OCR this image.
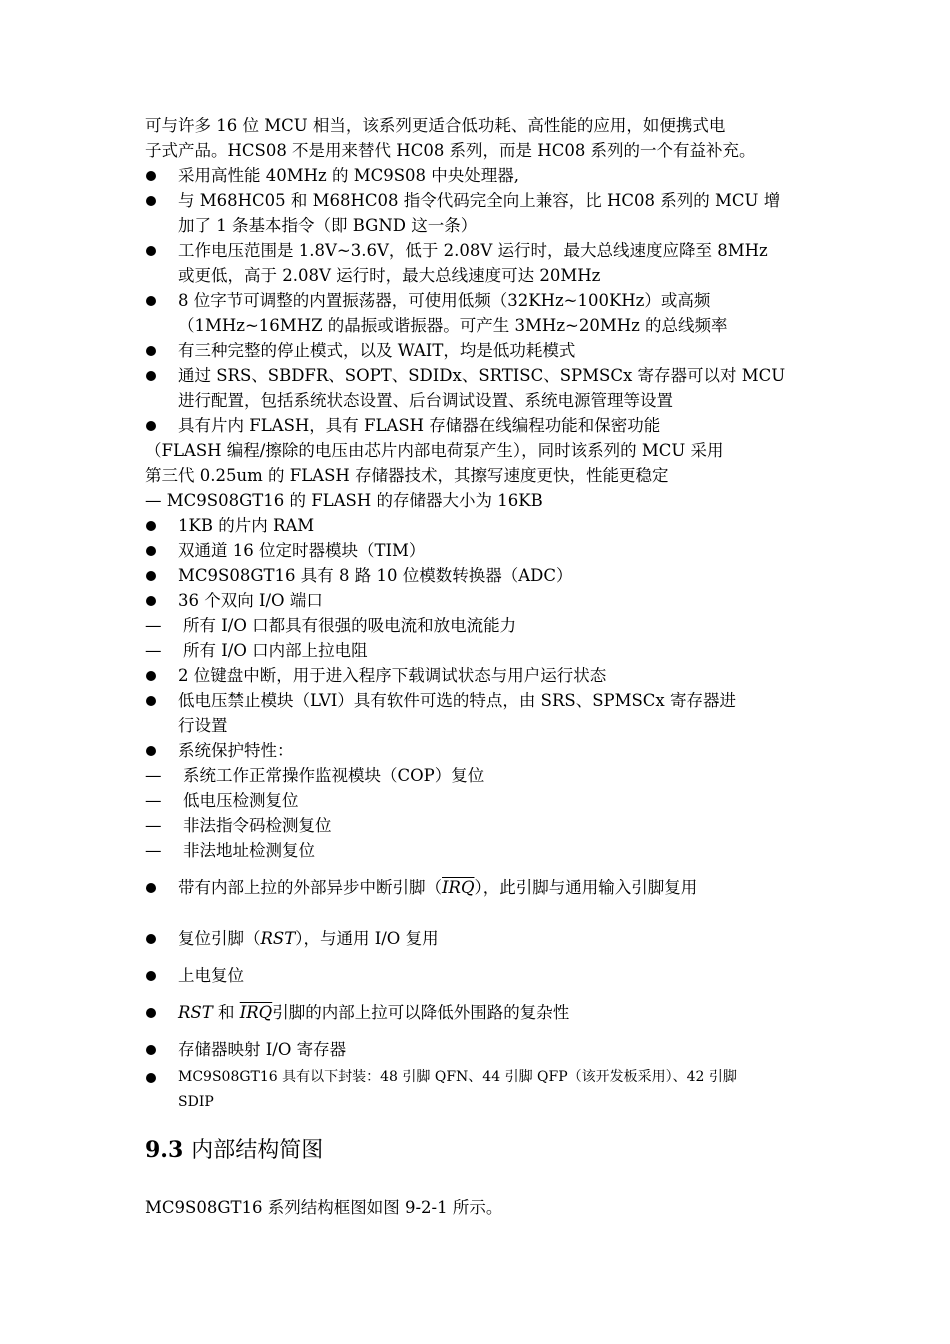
可与许多 16 位 MCU 相当，该系列更适合低功耗、高性能的应用，如便携式电
子式产品。HCS08 不是用来替代 HC08 系列，而是 HC08 系列的一个有益补充。
采用高性能 40MHz 的 MC9S08 中央处理器,
与 M68HC05 和 M68HC08 指令代码完全向上兼容，比 HC08 系列的 MCU 增
加了 1 条基本指令（即 BGND 这一条）
工作电压范围是 1.8V~3.6V，低于 2.08V 运行时，最大总线速度应降至 8MHz
或更低，高于 2.08V 运行时，最大总线速度可达 20MHz
8 位字节可调整的内置振荡器，可使用低频（32KHz~100KHz）或高频
（1MHz~16MHZ 的晶振或谐振器。可产生 3MHz~20MHz 的总线频率
有三种完整的停止模式，以及 WAIT，均是低功耗模式
通过 SRS、SBDFR、SOPT、SDIDx、SRTISC、SPMSCx 寄存器可以对 MCU
进行配置，包括系统状态设置、后台调试设置、系统电源管理等设置
具有片内 FLASH，具有 FLASH 存储器在线编程功能和保密功能
（FLASH 编程/擦除的电压由芯片内部电荷泵产生），同时该系列的 MCU 采用
第三代 0.25um 的 FLASH 存储器技术，其擦写速度更快，性能更稳定
— MC9S08GT16 的 FLASH 的存储器大小为 16KB
1KB 的片内 RAM
双通道 16 位定时器模块（TIM）
MC9S08GT16 具有 8 路 10 位模数转换器（ADC）
36 个双向 I/O 端口
— 所有 I/O 口都具有很强的吸电流和放电流能力
— 所有 I/O 口内部上拉电阻
2 位键盘中断，用于进入程序下载调试状态与用户运行状态
低电压禁止模块（LVI）具有软件可选的特点，由 SRS、SPMSCx 寄存器进
行设置
系统保护特性：
— 系统工作正常操作监视模块（COP）复位
— 低电压检测复位
— 非法指令码检测复位
— 非法地址检测复位
带有内部上拉的外部异步中断引脚$(\overline{IRQ})$，此引脚与通用输入引脚复用
复位引脚（RST），与通用 I/O 复用
上电复位
RST 和 $\overline{IRQ}$引脚的内部上拉可以降低外围路的复杂性
存储器映射 I/O 寄存器
MC9S08GT16 具有以下封装：48 引脚 QFN、44 引脚 QFP（该开发板采用）、42 引脚
SDIP
9.3 内部结构简图
MC9S08GT16 系列结构框图如图 9-2-1 所示。
